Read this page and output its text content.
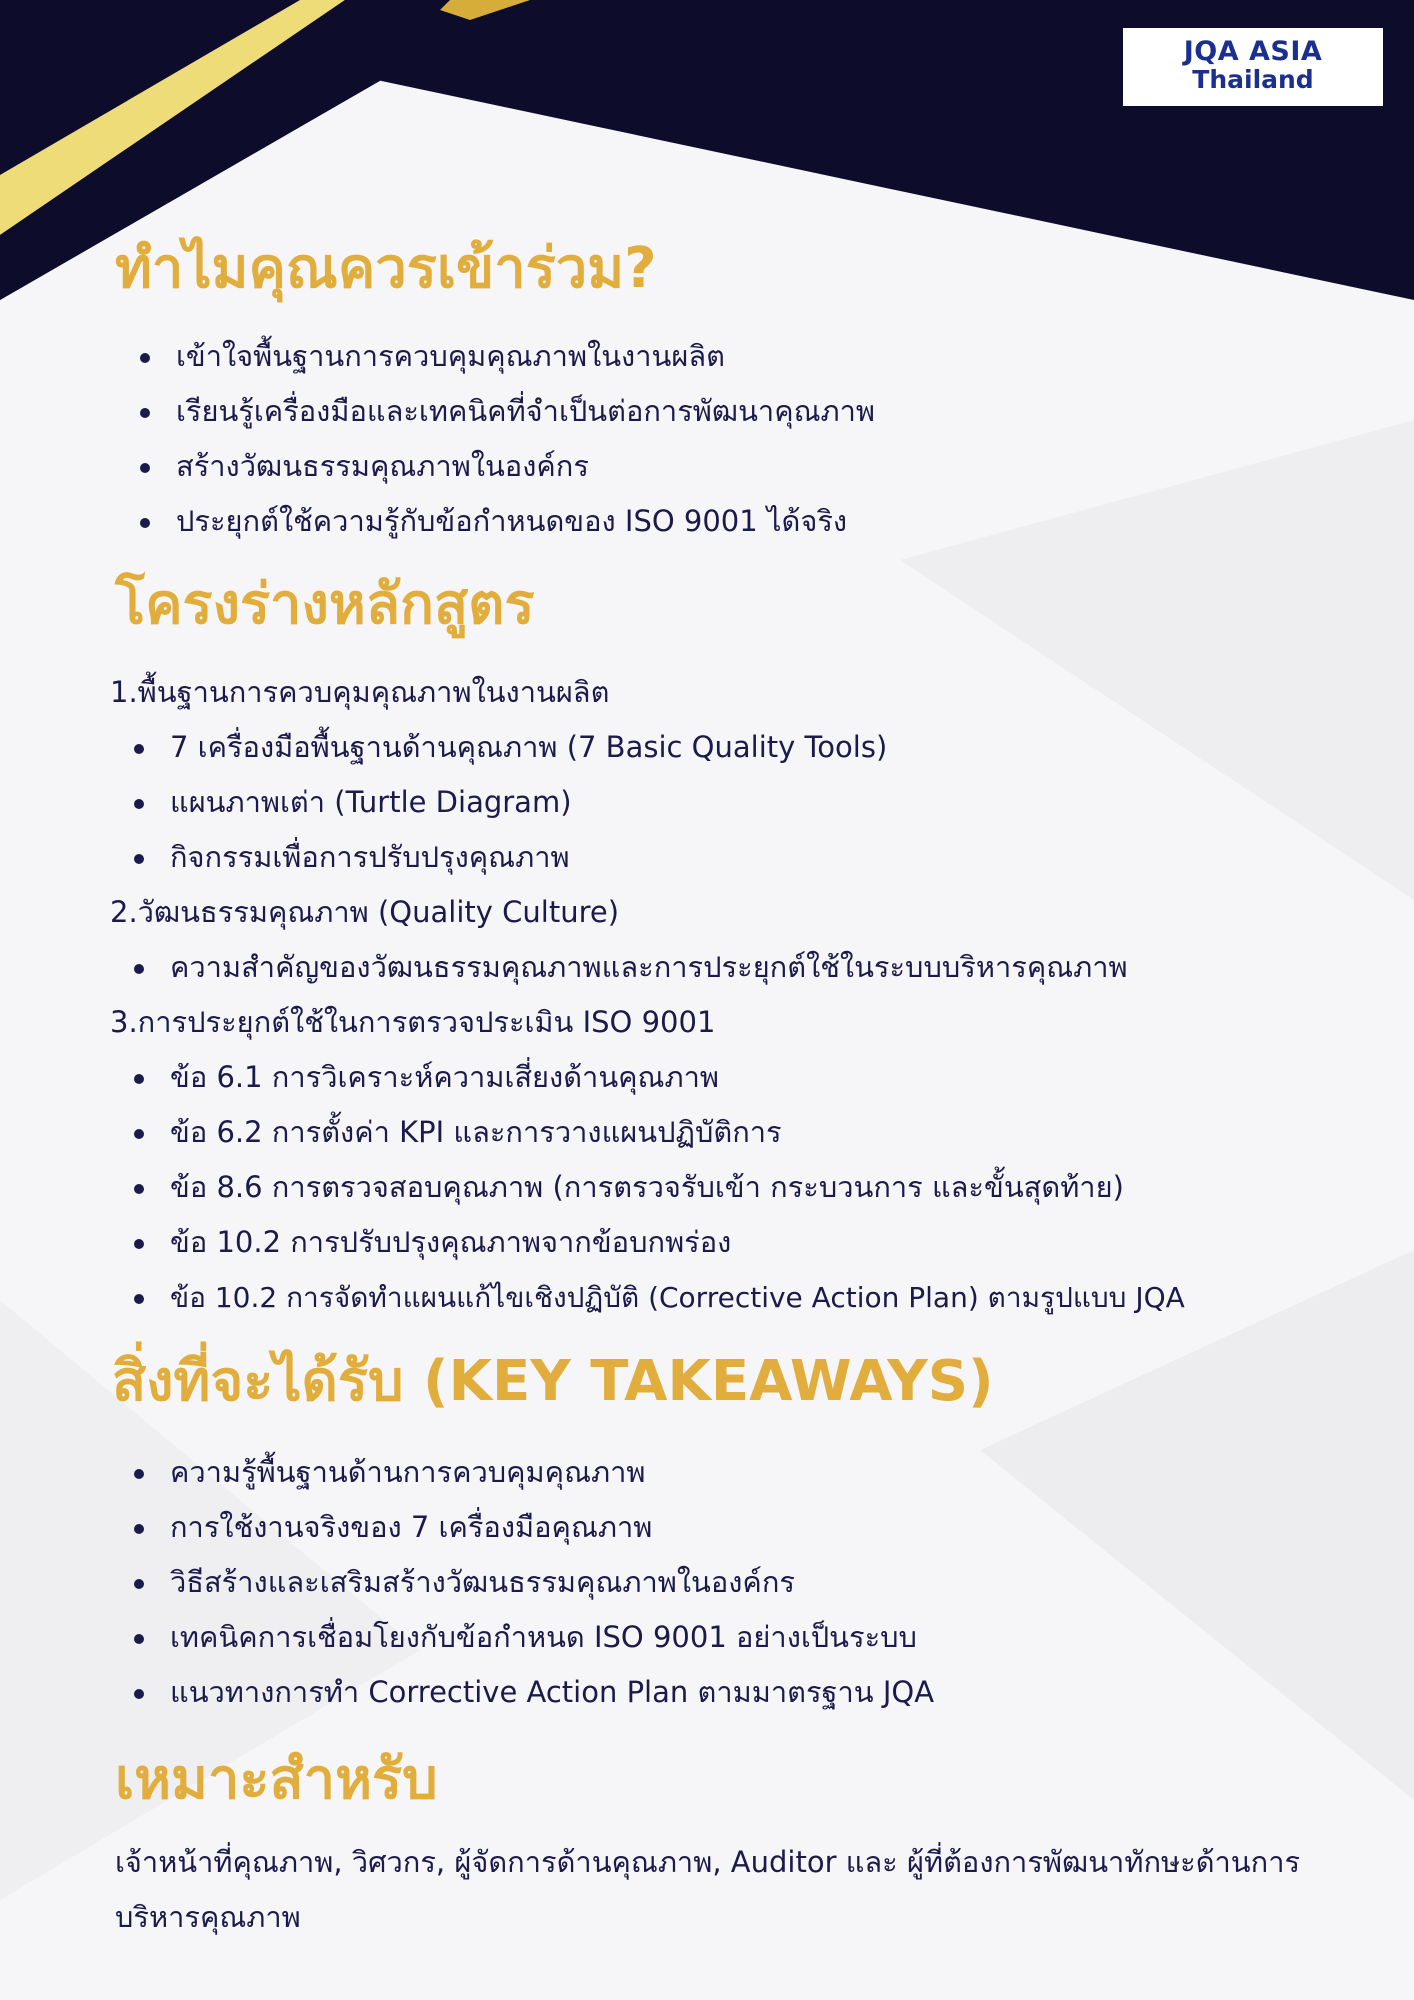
JQA ASIA
Thailand
ทำไมคุณควรเข้าร่วม?
เข้าใจพื้นฐานการควบคุมคุณภาพในงานผลิต
เรียนรู้เครื่องมือและเทคนิคที่จำเป็นต่อการพัฒนาคุณภาพ
สร้างวัฒนธรรมคุณภาพในองค์กร
ประยุกต์ใช้ความรู้กับข้อกำหนดของ ISO 9001 ได้จริง
โครงร่างหลักสูตร
1.พื้นฐานการควบคุมคุณภาพในงานผลิต
7 เครื่องมือพื้นฐานด้านคุณภาพ (7 Basic Quality Tools)
แผนภาพเต่า (Turtle Diagram)
กิจกรรมเพื่อการปรับปรุงคุณภาพ
2.วัฒนธรรมคุณภาพ (Quality Culture)
ความสำคัญของวัฒนธรรมคุณภาพและการประยุกต์ใช้ในระบบบริหารคุณภาพ
3.การประยุกต์ใช้ในการตรวจประเมิน ISO 9001
ข้อ 6.1 การวิเคราะห์ความเสี่ยงด้านคุณภาพ
ข้อ 6.2 การตั้งค่า KPI และการวางแผนปฏิบัติการ
ข้อ 8.6 การตรวจสอบคุณภาพ (การตรวจรับเข้า กระบวนการ และขั้นสุดท้าย)
ข้อ 10.2 การปรับปรุงคุณภาพจากข้อบกพร่อง
ข้อ 10.2 การจัดทำแผนแก้ไขเชิงปฏิบัติ (Corrective Action Plan) ตามรูปแบบ JQA
สิ่งที่จะได้รับ (KEY TAKEAWAYS)
ความรู้พื้นฐานด้านการควบคุมคุณภาพ
การใช้งานจริงของ 7 เครื่องมือคุณภาพ
วิธีสร้างและเสริมสร้างวัฒนธรรมคุณภาพในองค์กร
เทคนิคการเชื่อมโยงกับข้อกำหนด ISO 9001 อย่างเป็นระบบ
แนวทางการทำ Corrective Action Plan ตามมาตรฐาน JQA
เหมาะสำหรับ

เจ้าหน้าที่คุณภาพ, วิศวกร, ผู้จัดการด้านคุณภาพ, Auditor และ ผู้ที่ต้องการพัฒนาทักษะด้านการบริหารคุณภาพ
